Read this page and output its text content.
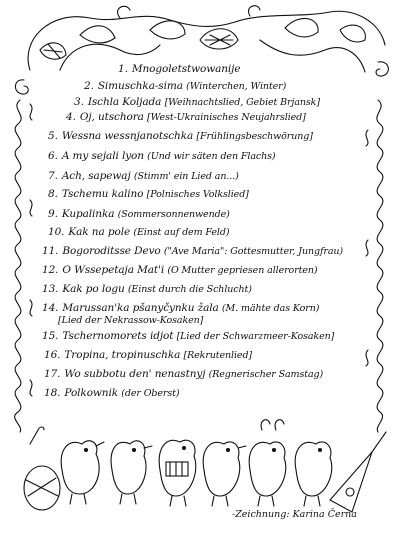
1. Mnogoletstwowanije
2. Simuschka-sima (Winterchen, Winter)
3. Ischla Koljada [Weihnachtslied, Gebiet Brjansk]
4. Oj, utschora [West-Ukrainisches Neujahrslied]
5. Wessna wessnjanotschka [Frühlingsbeschwörung]
6. A my sejali lyon (Und wir säten den Flachs)
7. Ach, sapewaj (Stimm' ein Lied an...)
8. Tschemu kalino [Polnisches Volkslied]
9. Kupalinka (Sommersonnenwende)
10. Kak na pole (Einst auf dem Feld)
11. Bogoroditsse Devo ("Ave Maria": Gottesmutter, Jungfrau)
12. O Wssepetaja Mat'i (O Mutter gepriesen allerorten)
13. Kak po logu (Einst durch die Schlucht)
14. Marussan'ka pšanyčynku žala (M. mähte das Korn)
[Lied der Nekrassow-Kosaken]
15. Tschernomorets idjot [Lied der Schwarzmeer-Kosaken]
16. Tropina, tropinuschka [Rekrutenlied]
17. Wo subbotu den' nenastnyj (Regnerischer Samstag)
18. Polkownik (der Oberst)
-Zeichnung: Karina Černa
